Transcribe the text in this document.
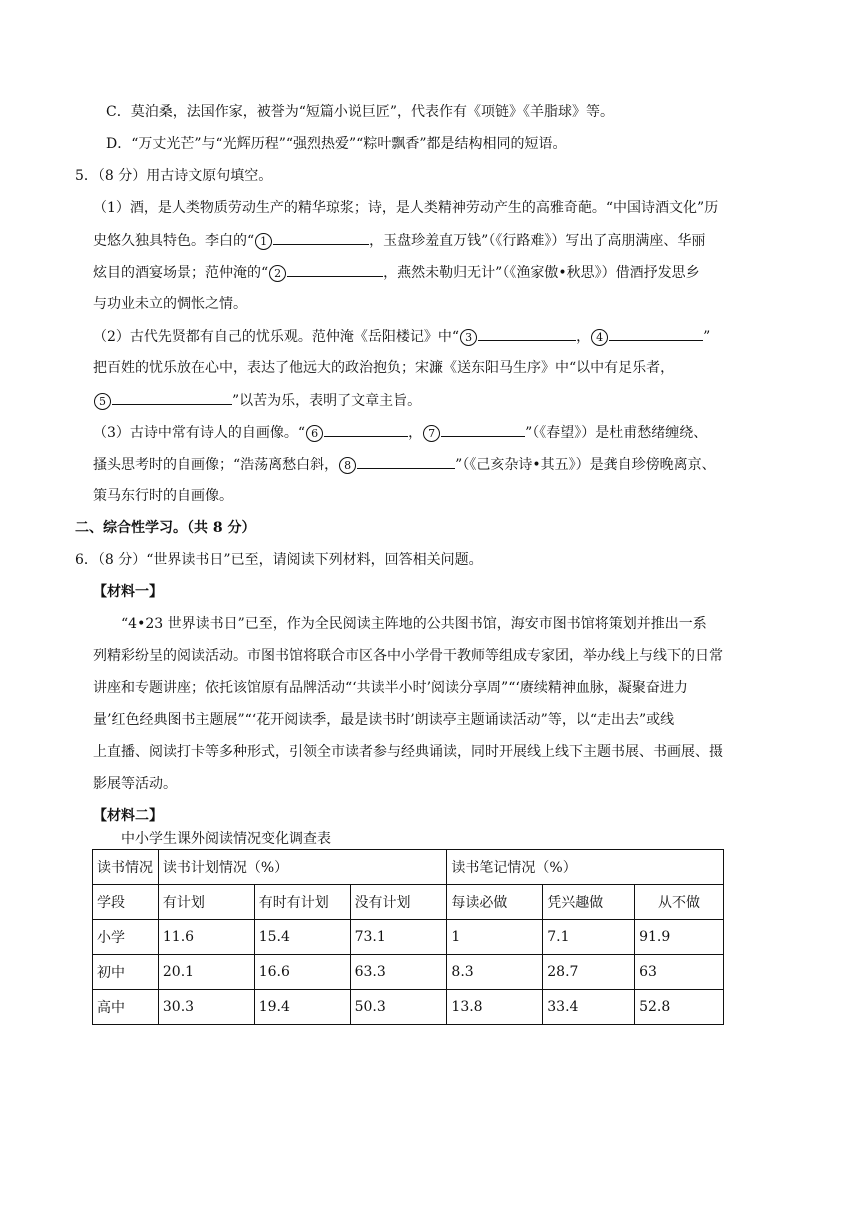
C．莫泊桑，法国作家，被誉为“短篇小说巨匠”，代表作有《项链》《羊脂球》等。
D．“万丈光芒”与“光辉历程”“强烈热爱”“粽叶飘香”都是结构相同的短语。
5．（8 分）用古诗文原句填空。
（1）酒，是人类物质劳动生产的精华琼浆；诗，是人类精神劳动产生的高雅奇葩。“中国诗酒文化”历
史悠久独具特色。李白的“ 1	，玉盘珍羞直万钱”（《行路难》）写出了高朋满座、华丽
炫目的酒宴场景；范仲淹的“ 2	，燕然未勒归无计”（《渔家傲•秋思》）借酒抒发思乡
与功业未立的惆怅之情。
（2）古代先贤都有自己的忧乐观。范仲淹《岳阳楼记》中“ 3	， 4	”
把百姓的忧乐放在心中，表达了他远大的政治抱负；宋濂《送东阳马生序》中“以中有足乐者，
5	”以苦为乐，表明了文章主旨。
（3）古诗中常有诗人的自画像。“ 6	， 7	”（《春望》）是杜甫愁绪缠绕、
搔头思考时的自画像；“浩荡离愁白斜， 8	”（《己亥杂诗•其五》）是龚自珍傍晚离京、
策马东行时的自画像。
二、综合性学习。（共 8 分）
6．（8 分）“世界读书日”已至，请阅读下列材料，回答相关问题。
【材料一】
“4•23 世界读书日”已至，作为全民阅读主阵地的公共图书馆，海安市图书馆将策划并推出一系
列精彩纷呈的阅读活动。市图书馆将联合市区各中小学骨干教师等组成专家团，举办线上与线下的日常
讲座和专题讲座；依托该馆原有品牌活动“‘共读半小时’阅读分享周”“‘赓续精神血脉，凝聚奋进力
量’红色经典图书主题展”“‘花开阅读季，最是读书时’朗读亭主题诵读活动”等，以“走出去”或线
上直播、阅读打卡等多种形式，引领全市读者参与经典诵读，同时开展线上线下主题书展、书画展、摄
影展等活动。
【材料二】
中小学生课外阅读情况变化调查表
读书情况	读书计划情况（%）			读书笔记情况（%）		
学段	有计划	有时有计划	没有计划	每读必做	凭兴趣做	从不做
小学	11.6	15.4	73.1	1	7.1	91.9
初中	20.1	16.6	63.3	8.3	28.7	63
高中	30.3	19.4	50.3	13.8	33.4	52.8
